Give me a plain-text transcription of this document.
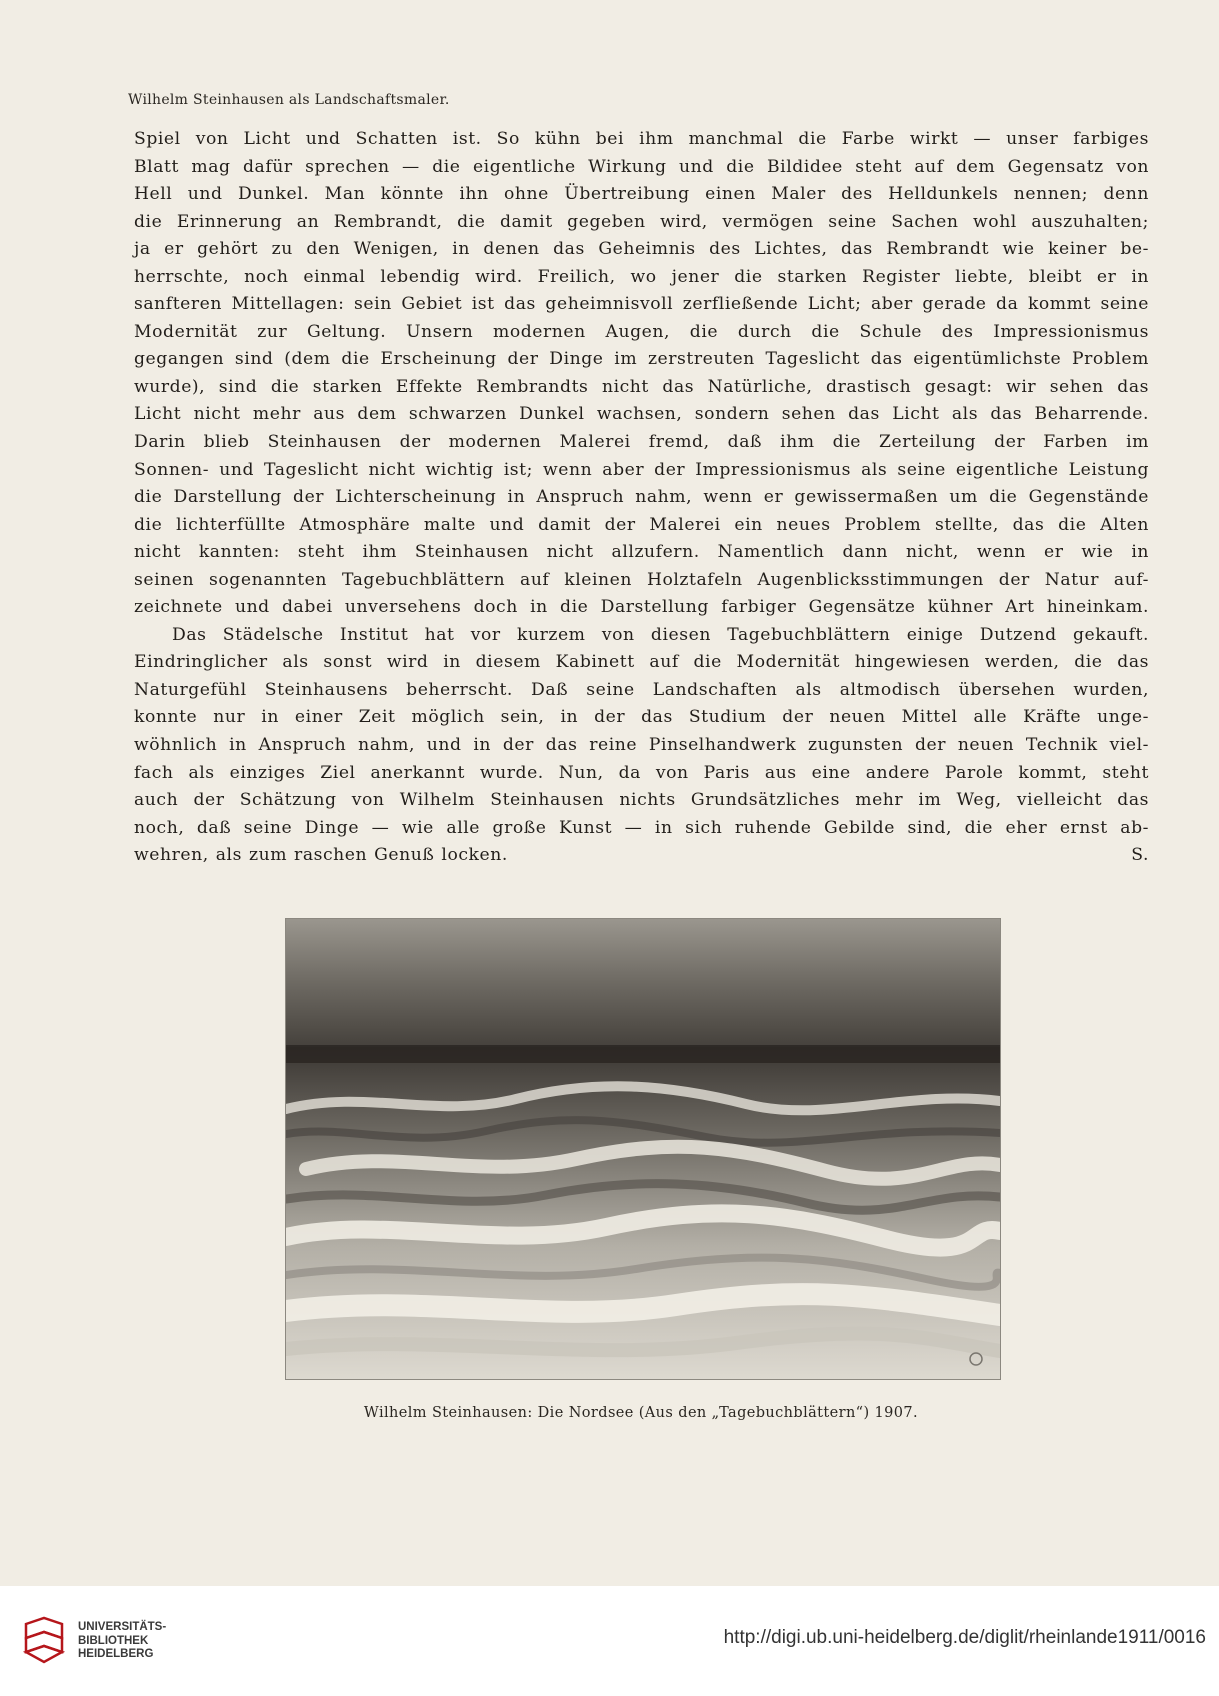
Wilhelm Steinhausen als Landschaftsmaler.

Spiel von Licht und Schatten ist. So kühn bei ihm manchmal die Farbe wirkt — unser farbiges

Blatt mag dafür sprechen — die eigentliche Wirkung und die Bildidee steht auf dem Gegensatz von

Hell und Dunkel. Man könnte ihn ohne Übertreibung einen Maler des Helldunkels nennen; denn

die Erinnerung an Rembrandt, die damit gegeben wird, vermögen seine Sachen wohl auszuhalten;

ja er gehört zu den Wenigen, in denen das Geheimnis des Lichtes, das Rembrandt wie keiner be-

herrschte, noch einmal lebendig wird. Freilich, wo jener die starken Register liebte, bleibt er in

sanfteren Mittellagen: sein Gebiet ist das geheimnisvoll zerfließende Licht; aber gerade da kommt seine

Modernität zur Geltung. Unsern modernen Augen, die durch die Schule des Impressionismus

gegangen sind (dem die Erscheinung der Dinge im zerstreuten Tageslicht das eigentümlichste Problem

wurde), sind die starken Effekte Rembrandts nicht das Natürliche, drastisch gesagt: wir sehen das

Licht nicht mehr aus dem schwarzen Dunkel wachsen, sondern sehen das Licht als das Beharrende.

Darin blieb Steinhausen der modernen Malerei fremd, daß ihm die Zerteilung der Farben im

Sonnen- und Tageslicht nicht wichtig ist; wenn aber der Impressionismus als seine eigentliche Leistung

die Darstellung der Lichterscheinung in Anspruch nahm, wenn er gewissermaßen um die Gegenstände

die lichterfüllte Atmosphäre malte und damit der Malerei ein neues Problem stellte, das die Alten

nicht kannten: steht ihm Steinhausen nicht allzufern. Namentlich dann nicht, wenn er wie in

seinen sogenannten Tagebuchblättern auf kleinen Holztafeln Augenblicksstimmungen der Natur auf-

zeichnete und dabei unversehens doch in die Darstellung farbiger Gegensätze kühner Art hineinkam.

Das Städelsche Institut hat vor kurzem von diesen Tagebuchblättern einige Dutzend gekauft.

Eindringlicher als sonst wird in diesem Kabinett auf die Modernität hingewiesen werden, die das

Naturgefühl Steinhausens beherrscht. Daß seine Landschaften als altmodisch übersehen wurden,

konnte nur in einer Zeit möglich sein, in der das Studium der neuen Mittel alle Kräfte unge-

wöhnlich in Anspruch nahm, und in der das reine Pinselhandwerk zugunsten der neuen Technik viel-

fach als einziges Ziel anerkannt wurde. Nun, da von Paris aus eine andere Parole kommt, steht

auch der Schätzung von Wilhelm Steinhausen nichts Grundsätzliches mehr im Weg, vielleicht das

noch, daß seine Dinge — wie alle große Kunst — in sich ruhende Gebilde sind, die eher ernst ab-

wehren, als zum raschen Genuß locken.	S.

Wilhelm Steinhausen: Die Nordsee (Aus den „Tagebuchblättern“) 1907.
UNIVERSITÄTS-
BIBLIOTHEK
HEIDELBERG
http://digi.ub.uni-heidelberg.de/diglit/rheinlande1911/0016
